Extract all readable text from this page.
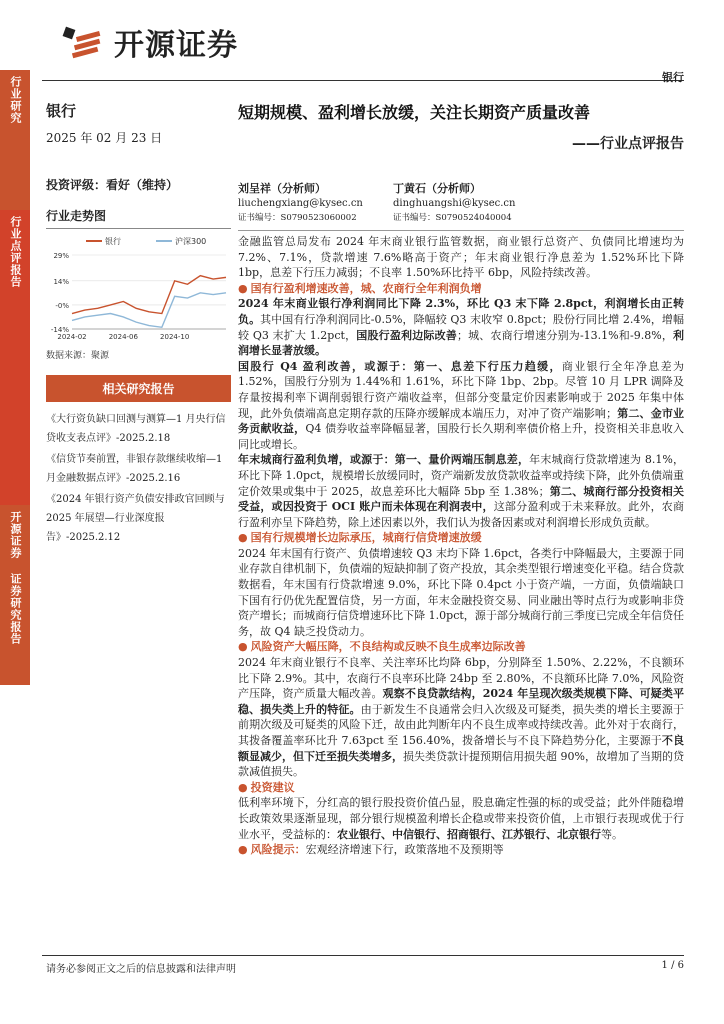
行业研究
行业点评报告
开源证券 证券研究报告
开源证券
银行
银行
2025 年 02 月 23 日
投资评级：看好（维持）
行业走势图
银行	沪深300
29%
14%
-0%
-14%
2024-02	2024-06	2024-10
数据来源：聚源
相关研究报告
《大行资负缺口回测与测算—1 月央行信贷收支表点评》-2025.2.18
《信贷节奏前置，非银存款继续收缩—1 月金融数据点评》-2025.2.16
《2024 年银行资产负债安排政官回顾与 2025 年展望—行业深度报告》-2025.2.12
短期规模、盈利增长放缓，关注长期资产质量改善
——行业点评报告
刘呈祥（分析师）
liuchengxiang@kysec.cn
证书编号：S0790523060002
丁黄石（分析师）
dinghuangshi@kysec.cn
证书编号：S0790524040004

金融监管总局发布 2024 年末商业银行监管数据，商业银行总资产、负债同比增速均为 7.2%、7.1%，贷款增速 7.6%略高于资产；年末商业银行净息差为 1.52%环比下降 1bp，息差下行压力减弱；不良率 1.50%环比持平 6bp，风险持续改善。

● 国有行盈利增速改善，城、农商行全年利润负增

2024 年末商业银行净利润同比下降 2.3%，环比 Q3 末下降 2.8pct，利润增长由正转负。其中国有行净利润同比-0.5%，降幅较 Q3 末收窄 0.8pct；股份行同比增 2.4%，增幅较 Q3 末扩大 1.2pct，国股行盈利边际改善；城、农商行增速分别为-13.1%和-9.8%，利润增长显著放缓。

国股行 Q4 盈利改善，或源于：第一、息差下行压力趋缓，商业银行全年净息差为 1.52%，国股行分别为 1.44%和 1.61%，环比下降 1bp、2bp。尽管 10 月 LPR 调降及存量按揭利率下调削弱银行资产端收益率，但部分变量定价因素影响或于 2025 年集中体现，此外负债端高息定期存款的压降亦缓解成本端压力，对冲了资产端影响；第二、金市业务贡献收益，Q4 债券收益率降幅显著，国股行长久期利率债价格上升，投资相关非息收入同比或增长。

年末城商行盈利负增，或源于：第一、量价两端压制息差，年末城商行贷款增速为 8.1%，环比下降 1.0pct，规模增长放缓同时，资产端新发放贷款收益率或持续下降，此外负债端重定价效果或集中于 2025，故息差环比大幅降 5bp 至 1.38%；第二、城商行部分投资相关受益，或因投资于 OCI 账户而未体现在利润表中，这部分盈利或于未来释放。此外，农商行盈利亦呈下降趋势，除上述因素以外，我们认为拨备因素或对利润增长形成负贡献。

● 国有行规模增长边际承压，城商行信贷增速放缓

2024 年末国有行资产、负债增速较 Q3 末均下降 1.6pct，各类行中降幅最大，主要源于同业存款自律机制下，负债端的短缺抑制了资产投放，其余类型银行增速变化平稳。结合贷款数据看，年末国有行贷款增速 9.0%，环比下降 0.4pct 小于资产端，一方面，负债端缺口下国有行仍优先配置信贷，另一方面，年末金融投资交易、同业融出等时点行为或影响非贷资产增长；而城商行信贷增速环比下降 1.0pct，源于部分城商行前三季度已完成全年信贷任务，故 Q4 缺乏投贷动力。

● 风险资产大幅压降，不良结构或反映不良生成率边际改善

2024 年末商业银行不良率、关注率环比均降 6bp，分别降至 1.50%、2.22%，不良额环比下降 2.9%。其中，农商行不良率环比降 24bp 至 2.80%，不良额环比降 7.0%，风险资产压降，资产质量大幅改善。观察不良贷款结构，2024 年呈现次级类规模下降、可疑类平稳、损失类上升的特征。由于新发生不良通常会归入次级及可疑类，损失类的增长主要源于前期次级及可疑类的风险下迁，故由此判断年内不良生成率或持续改善。此外对于农商行，其拨备覆盖率环比升 7.63pct 至 156.40%，拨备增长与不良下降趋势分化，主要源于不良额显减少，但下迁至损失类增多，损失类贷款计提预期信用损失超 90%，故增加了当期的贷款减值损失。

● 投资建议

低利率环境下，分红高的银行股投资价值凸显，股息确定性强的标的或受益；此外伴随稳增长政策效果逐渐显现，部分银行规模盈利增长企稳或带来投资价值，上市银行表现或优于行业水平，受益标的：农业银行、中信银行、招商银行、江苏银行、北京银行等。

● 风险提示：宏观经济增速下行，政策落地不及预期等

请务必参阅正文之后的信息披露和法律声明	1 / 6
